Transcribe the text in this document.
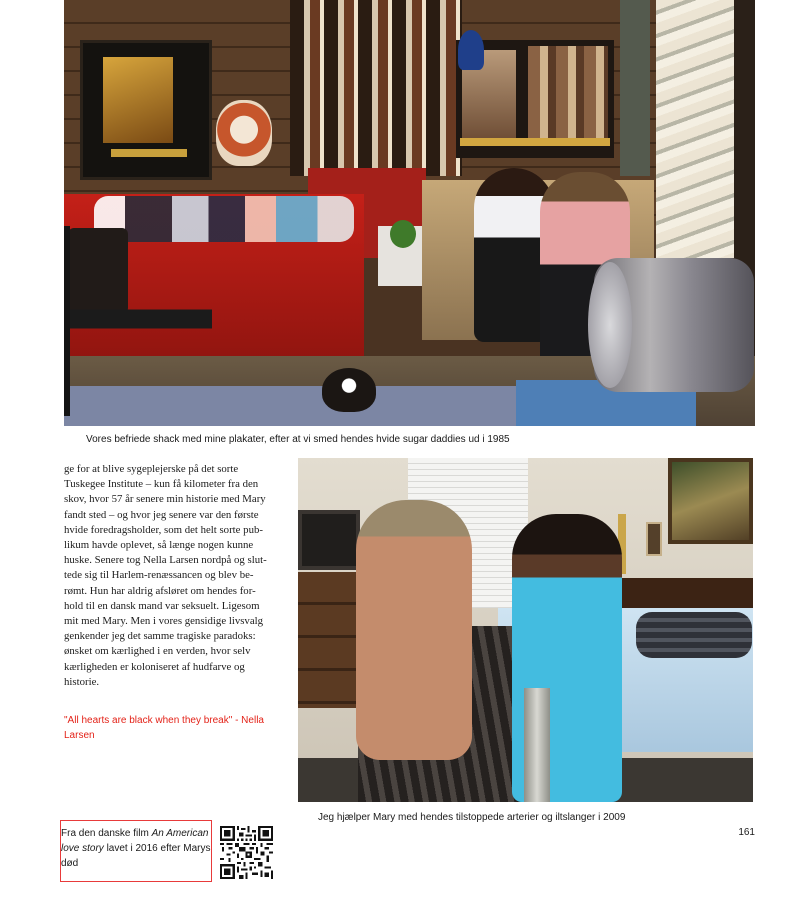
Vores befriede shack med mine plakater, efter at vi smed hendes hvide sugar daddies ud i 1985
ge for at blive sygeplejerske på det sorte
Tuskegee Institute – kun få kilometer fra den
skov, hvor 57 år senere min historie med Mary
fandt sted – og hvor jeg senere var den første
hvide foredragsholder, som det helt sorte pub-
likum havde oplevet, så længe nogen kunne
huske. Senere tog Nella Larsen nordpå og slut-
tede sig til Harlem-renæssancen og blev be-
rømt. Hun har aldrig afsløret om hendes for-
hold til en dansk mand var seksuelt. Ligesom
mit med Mary. Men i vores gensidige livsvalg
genkender jeg det samme tragiske paradoks:
ønsket om kærlighed i en verden, hvor selv
kærligheden er koloniseret af hudfarve og
historie.
"All hearts are black when they break" - Nella
Larsen
Jeg hjælper Mary med hendes tilstoppede arterier og iltslanger i 2009
161
Fra den danske film An American
love story lavet i 2016 efter Marys
død
